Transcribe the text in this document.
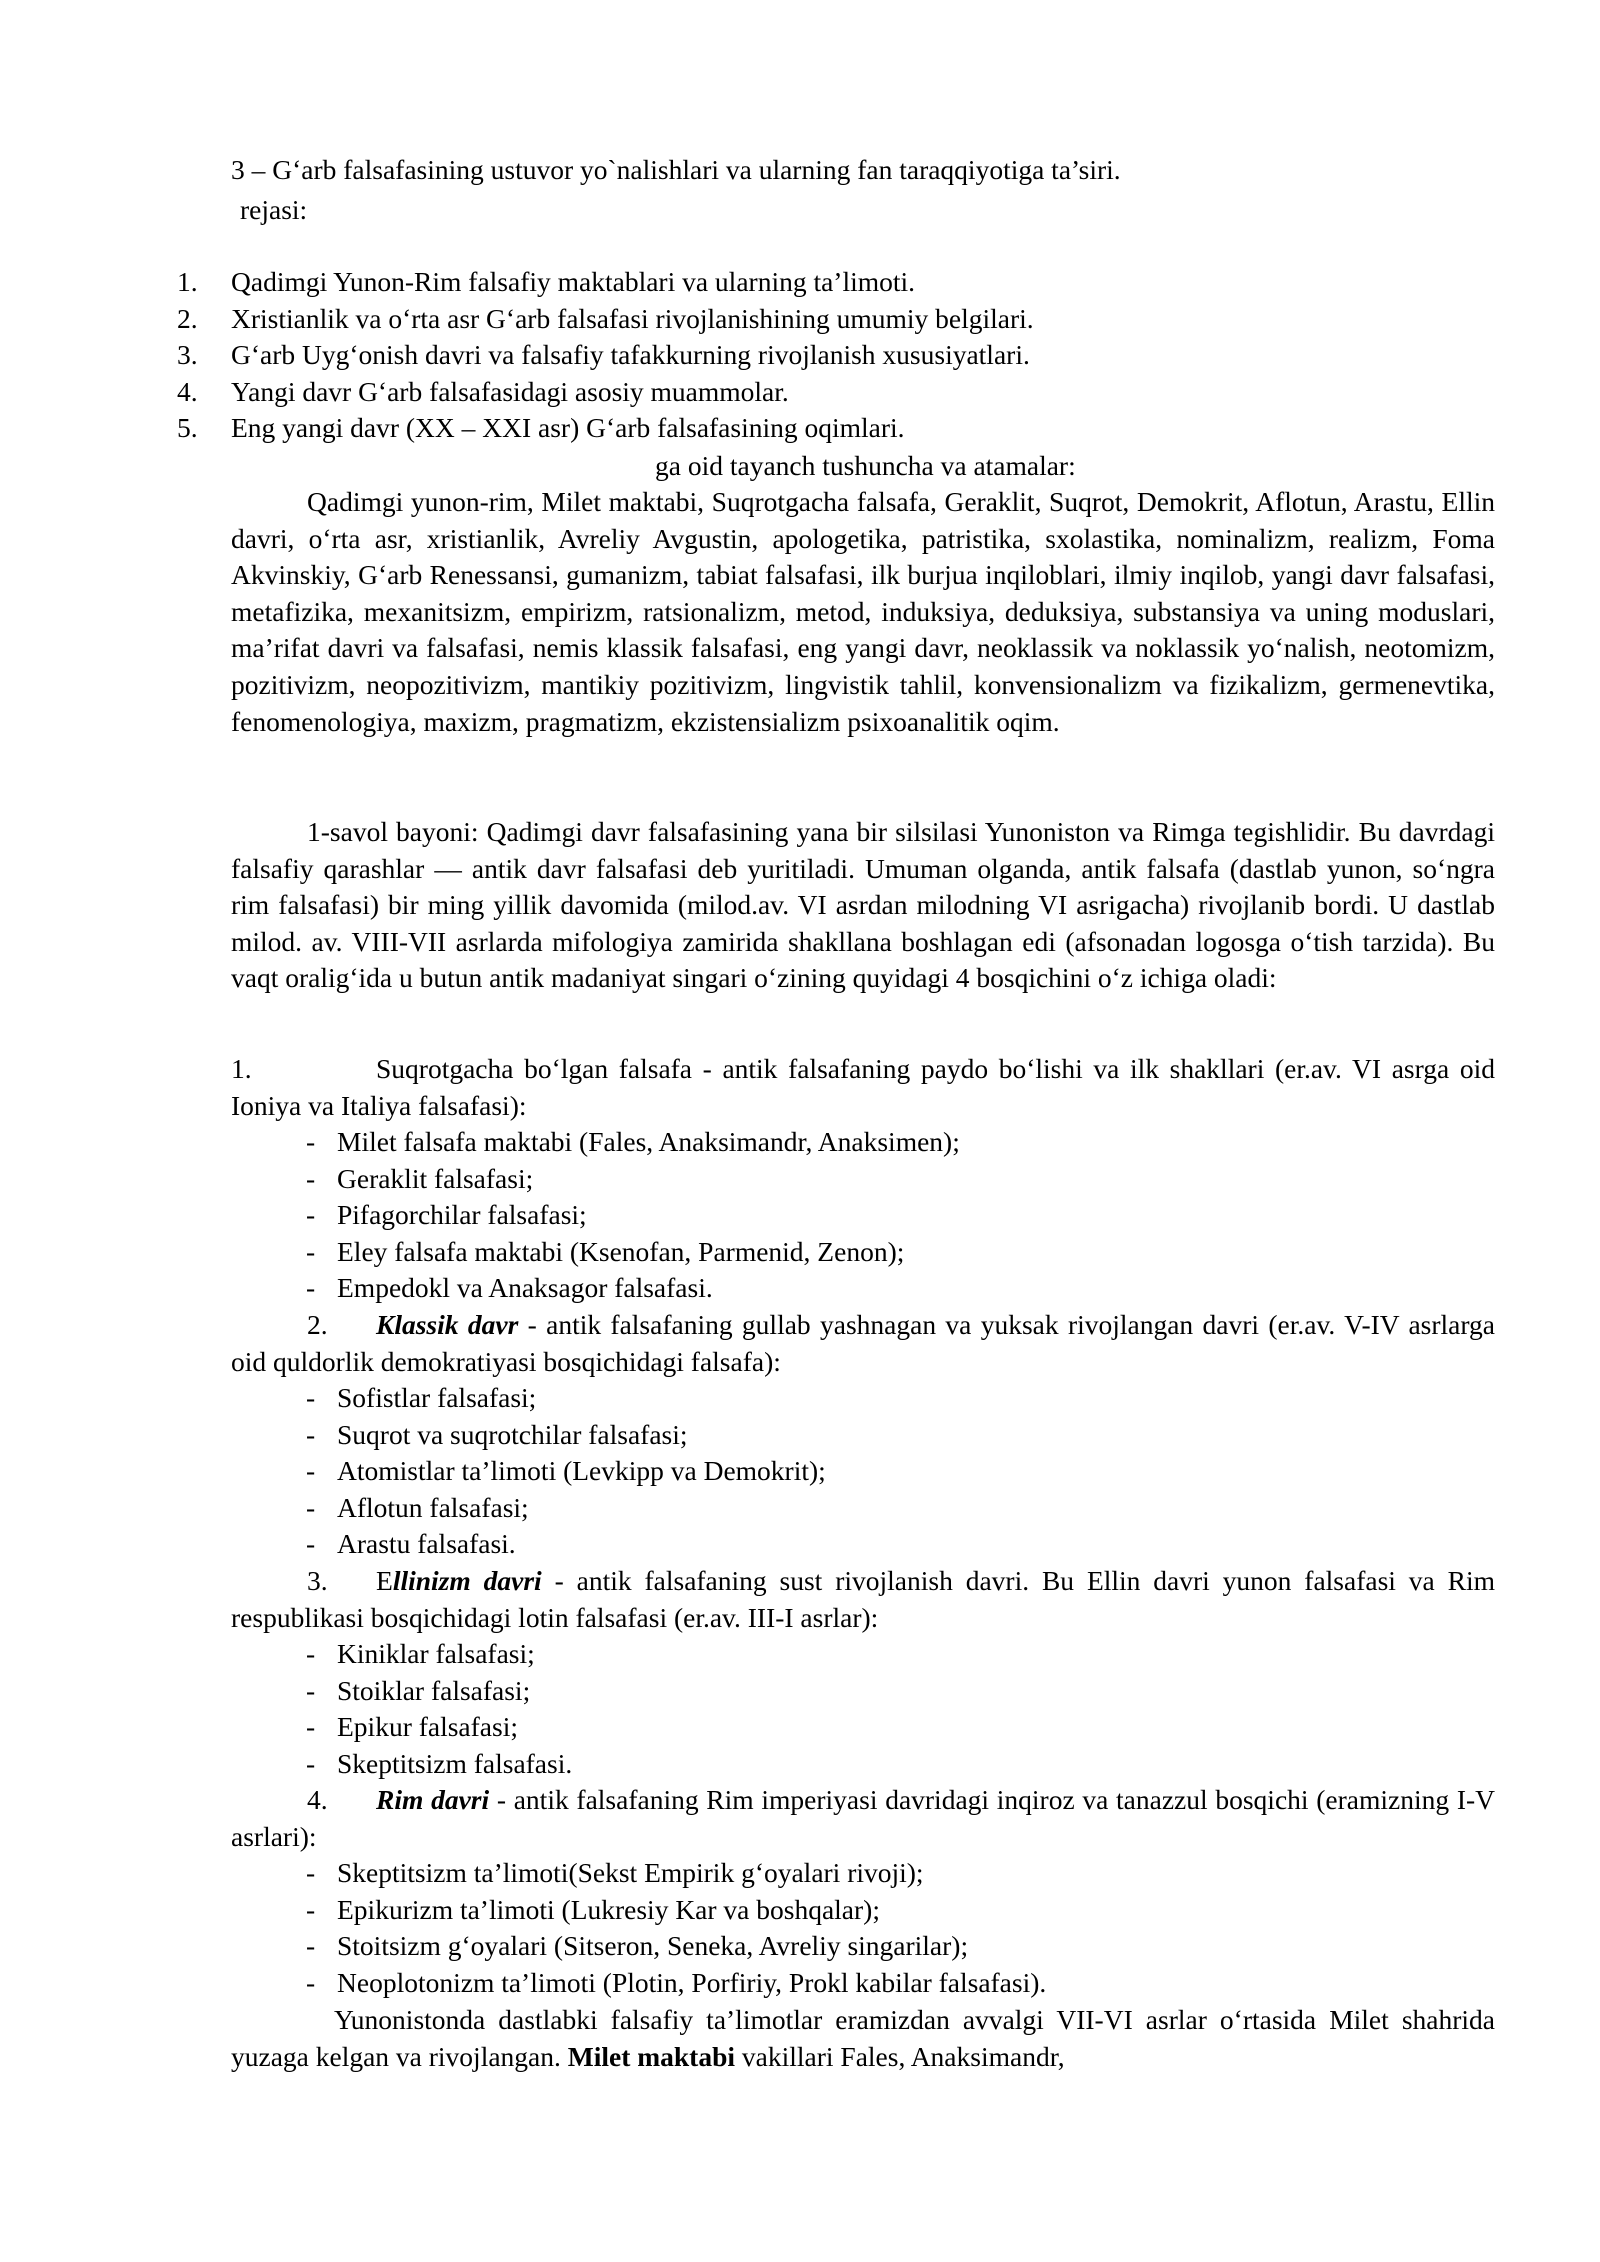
3 – G‘arb falsafasining ustuvor yo`nalishlari va ularning fan taraqqiyotiga ta’siri.
rejasi:
1. Qadimgi Yunon-Rim falsafiy maktablari va ularning ta’limoti.
2. Xristianlik va o‘rta asr G‘arb falsafasi rivojlanishining umumiy belgilari.
3. G‘arb Uyg‘onish davri va falsafiy tafakkurning rivojlanish xususiyatlari.
4. Yangi davr G‘arb falsafasidagi asosiy muammolar.
5. Eng yangi davr (XX – XXI asr) G‘arb falsafasining oqimlari.
ga oid tayanch tushuncha va atamalar:
Qadimgi yunon-rim, Milet maktabi, Suqrotgacha falsafa, Geraklit, Suqrot, Demokrit, Aflotun, Arastu, Ellin davri, o‘rta asr, xristianlik, Avreliy Avgustin, apologetika, patristika, sxolastika, nominalizm, realizm, Foma Akvinskiy, G‘arb Renessansi, gumanizm, tabiat falsafasi, ilk burjua inqiloblari, ilmiy inqilob, yangi davr falsafasi, metafizika, mexanitsizm, empirizm, ratsionalizm, metod, induksiya, deduksiya, substansiya va uning moduslari, ma’rifat davri va falsafasi, nemis klassik falsafasi, eng yangi davr, neoklassik va noklassik yo‘nalish, neotomizm, pozitivizm, neopozitivizm, mantikiy pozitivizm, lingvistik tahlil, konvensionalizm va fizikalizm, germenevtika, fenomenologiya, maxizm, pragmatizm, ekzistensializm psixoanalitik oqim.
1-savol bayoni: Qadimgi davr falsafasining yana bir silsilasi Yunoniston va Rimga tegishlidir. Bu davrdagi falsafiy qarashlar — antik davr falsafasi deb yuritiladi. Umuman olganda, antik falsafa (dastlab yunon, so‘ngra rim falsafasi) bir ming yillik davomida (milod.av. VI asrdan milodning VI asrigacha) rivojlanib bordi. U dastlab milod. av. VIII-VII asrlarda mifologiya zamirida shakllana boshlagan edi (afsonadan logosga o‘tish tarzida). Bu vaqt oralig‘ida u butun antik madaniyat singari o‘zining quyidagi 4 bosqichini o‘z ichiga oladi:
1.	Suqrotgacha bo‘lgan falsafa - antik falsafaning paydo bo‘lishi va ilk shakllari (er.av. VI asrga oid Ioniya va Italiya falsafasi):
- Milet falsafa maktabi (Fales, Anaksimandr, Anaksimen);
- Geraklit falsafasi;
- Pifagorchilar falsafasi;
- Eley falsafa maktabi (Ksenofan, Parmenid, Zenon);
- Empedokl va Anaksagor falsafasi.
2. Klassik davr - antik falsafaning gullab yashnagan va yuksak rivojlangan davri (er.av. V-IV asrlarga oid quldorlik demokratiyasi bosqichidagi falsafa):
- Sofistlar falsafasi;
- Suqrot va suqrotchilar falsafasi;
- Atomistlar ta’limoti (Levkipp va Demokrit);
- Aflotun falsafasi;
- Arastu falsafasi.
3. Ellinizm davri - antik falsafaning sust rivojlanish davri. Bu Ellin davri yunon falsafasi va Rim respublikasi bosqichidagi lotin falsafasi (er.av. III-I asrlar):
- Kiniklar falsafasi;
- Stoiklar falsafasi;
- Epikur falsafasi;
- Skeptitsizm falsafasi.
4. Rim davri - antik falsafaning Rim imperiyasi davridagi inqiroz va tanazzul bosqichi (eramizning I-V asrlari):
- Skeptitsizm ta’limoti(Sekst Empirik g‘oyalari rivoji);
- Epikurizm ta’limoti (Lukresiy Kar va boshqalar);
- Stoitsizm g‘oyalari (Sitseron, Seneka, Avreliy singarilar);
- Neoplotonizm ta’limoti (Plotin, Porfiriy, Prokl kabilar falsafasi).
Yunonistonda dastlabki falsafiy ta’limotlar eramizdan avvalgi VII-VI asrlar o‘rtasida Milet shahrida yuzaga kelgan va rivojlangan. Milet maktabi vakillari Fales, Anaksimandr,
